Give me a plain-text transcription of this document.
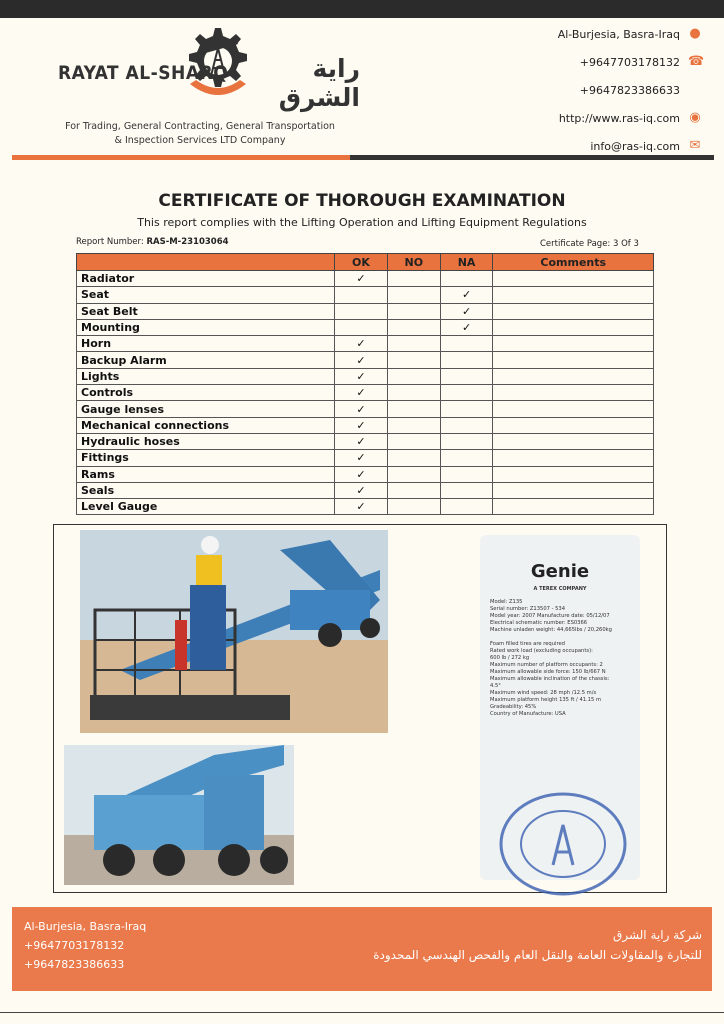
RAYAT AL-SHARQ	راية الشرق
For Trading, General Contracting, General Transportation
& Inspection Services LTD Company
Al-Burjesia, Basra-Iraq ●
+9647703178132 ☎
+9647823386633
http://www.ras-iq.com ◉
info@ras-iq.com ✉
CERTIFICATE OF THOROUGH EXAMINATION
This report complies with the Lifting Operation and Lifting Equipment Regulations
Report Number: RAS-M-23103064	Certificate Page: 3 Of 3
	OK	NO	NA	Comments
Radiator	✓			
Seat			✓	
Seat Belt			✓	
Mounting			✓	
Horn	✓			
Backup Alarm	✓			
Lights	✓			
Controls	✓			
Gauge lenses	✓			
Mechanical connections	✓			
Hydraulic hoses	✓			
Fittings	✓			
Rams	✓			
Seals	✓			
Level Gauge	✓			
Genie
A TEREX COMPANY
Model: Z135
Serial number: Z13507 - 534
Model year: 2007 Manufacture date: 05/12/07
Electrical schematic number: ES0366
Machine unladen weight: 44,665lbs / 20,260kg

Foam filled tires are required
Rated work load (excluding occupants):
600 lb / 272 kg
Maximum number of platform occupants: 2
Maximum allowable side force: 150 lb/667 N
Maximum allowable inclination of the chassis:
4.5°
Maximum wind speed: 28 mph /12.5 m/s
Maximum platform height 135 ft / 41.15 m
Gradeability: 45%
Country of Manufacture: USA
Al-Burjesia, Basra-Iraq
+9647703178132
+9647823386633
شركة راية الشرق
للتجارة والمقاولات العامة والنقل العام والفحص الهندسي المحدودة
